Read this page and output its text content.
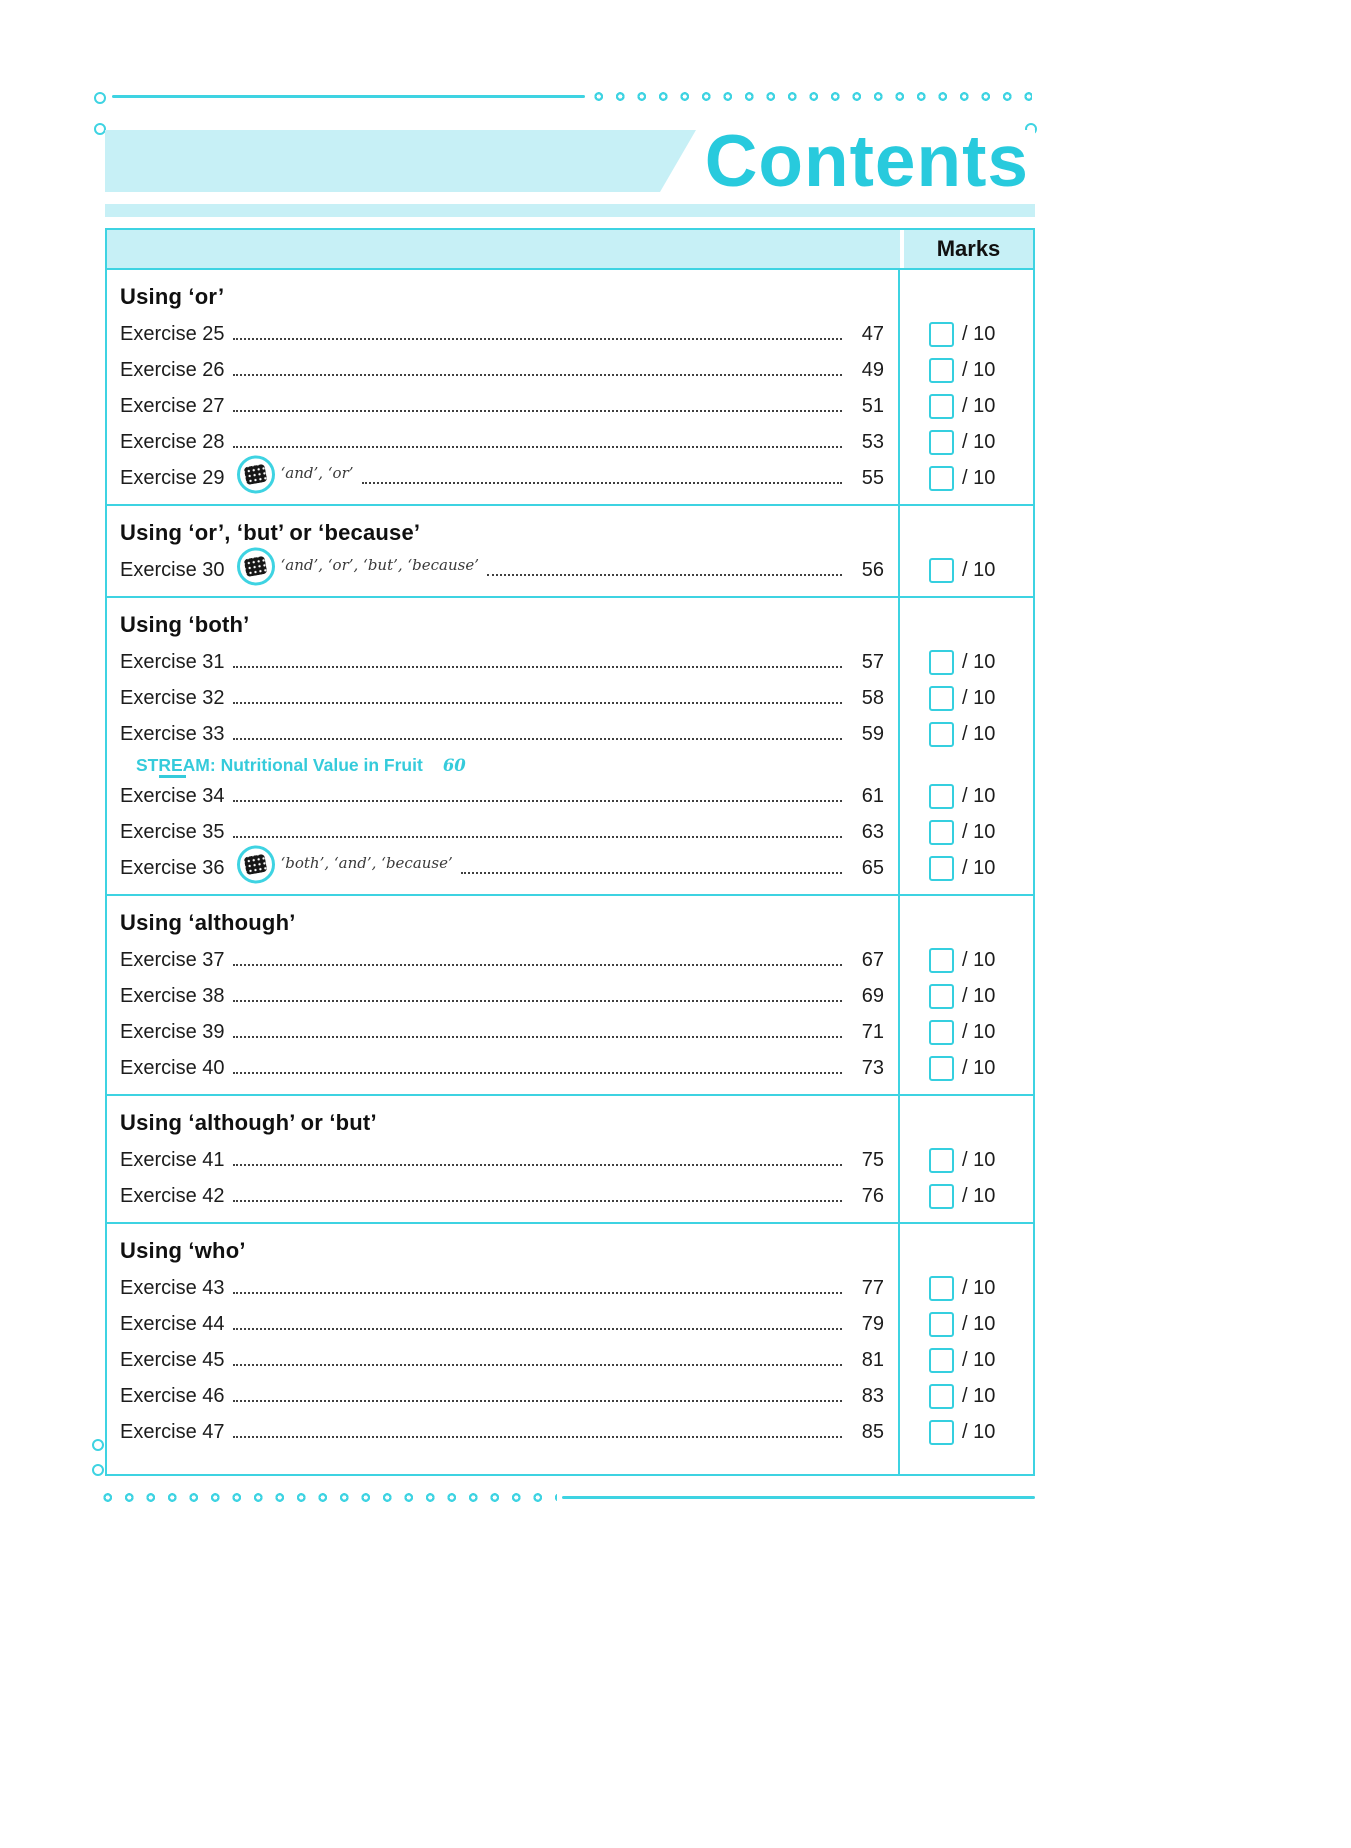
Contents
Marks
Using ‘or’
Exercise 25	47	/ 10
Exercise 26	49	/ 10
Exercise 27	51	/ 10
Exercise 28	53	/ 10
Exercise 29	‘and’, ‘or’	55	/ 10
Using ‘or’, ‘but’ or ‘because’
Exercise 30	‘and’, ‘or’, ‘but’, ‘because’	56	/ 10
Using ‘both’
Exercise 31	57	/ 10
Exercise 32	58	/ 10
Exercise 33	59	/ 10
STREAM: Nutritional Value in Fruit 60
Exercise 34	61	/ 10
Exercise 35	63	/ 10
Exercise 36	‘both’, ‘and’, ‘because’	65	/ 10
Using ‘although’
Exercise 37	67	/ 10
Exercise 38	69	/ 10
Exercise 39	71	/ 10
Exercise 40	73	/ 10
Using ‘although’ or ‘but’
Exercise 41	75	/ 10
Exercise 42	76	/ 10
Using ‘who’
Exercise 43	77	/ 10
Exercise 44	79	/ 10
Exercise 45	81	/ 10
Exercise 46	83	/ 10
Exercise 47	85	/ 10
